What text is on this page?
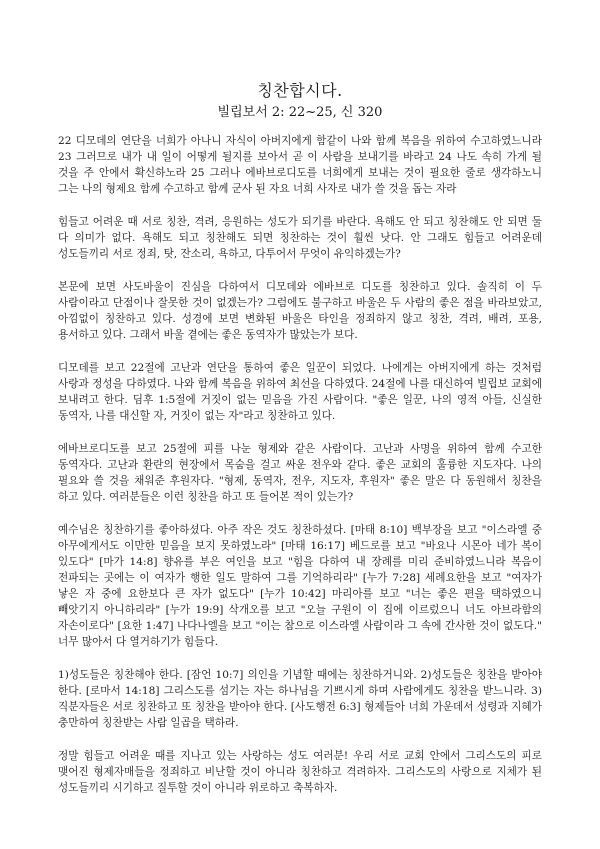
칭찬합시다.
빌립보서 2: 22~25, 신 320

22 디모데의 연단을 너희가 아나니 자식이 아버지에게 함같이 나와 함께 복음을 위하여 수고하였느니라 23 그러므로 내가 내 일이 어떻게 될지를 보아서 곧 이 사람을 보내기를 바라고 24 나도 속히 가게 될 것을 주 안에서 확신하노라 25 그러나 에바브로디도를 너희에게 보내는 것이 필요한 줄로 생각하노니 그는 나의 형제요 함께 수고하고 함께 군사 된 자요 너희 사자로 내가 쓸 것을 돕는 자라

힘들고 어려운 때 서로 칭찬, 격려, 응원하는 성도가 되기를 바란다. 욕해도 안 되고 칭찬해도 안 되면 둘 다 의미가 없다. 욕해도 되고 칭찬해도 되면 칭찬하는 것이 훨씬 낫다. 안 그래도 힘들고 어려운데 성도들끼리 서로 정죄, 탓, 잔소리, 욕하고, 다투어서 무엇이 유익하겠는가?

본문에 보면 사도바울이 진심을 다하여서 디모데와 에바브로 디도를 칭찬하고 있다. 솔직히 이 두 사람이라고 단점이나 잘못한 것이 없겠는가? 그럼에도 불구하고 바울은 두 사람의 좋은 점을 바라보았고, 아낌없이 칭찬하고 있다. 성경에 보면 변화된 바울은 타인을 정죄하지 않고 칭찬, 격려, 배려, 포용, 용서하고 있다. 그래서 바울 곁에는 좋은 동역자가 많았는가 보다.

디모데를 보고 22절에 고난과 연단을 통하여 좋은 일꾼이 되었다. 나에게는 아버지에게 하는 것처럼 사랑과 정성을 다하였다. 나와 함께 복음을 위하여 최선을 다하였다. 24절에 나를 대신하여 빌립보 교회에 보내려고 한다. 딤후 1:5절에 거짓이 없는 믿음을 가진 사람이다. "좋은 일꾼, 나의 영적 아들, 신실한 동역자, 나를 대신할 자, 거짓이 없는 자"라고 칭찬하고 있다.

에바브로디도를 보고 25절에 피를 나눈 형제와 같은 사람이다. 고난과 사명을 위하여 함께 수고한 동역자다. 고난과 환란의 현장에서 목숨을 걸고 싸운 전우와 같다. 좋은 교회의 훌륭한 지도자다. 나의 필요와 쓸 것을 채워준 후원자다. "형제, 동역자, 전우, 지도자, 후원자" 좋은 말은 다 동원해서 칭찬을 하고 있다. 여러분들은 이런 칭찬을 하고 또 들어본 적이 있는가?

예수님은 칭찬하기를 좋아하셨다. 아주 작은 것도 칭찬하셨다. [마태 8:10] 백부장을 보고 "이스라엘 중 아무에게서도 이만한 믿음을 보지 못하였노라" [마태 16:17] 베드로를 보고 "바요나 시몬아 네가 복이 있도다" [마가 14:8] 향유를 부은 여인을 보고 "힘을 다하여 내 장례를 미리 준비하였느니라 복음이 전파되는 곳에는 이 여자가 행한 일도 말하여 그를 기억하리라" [누가 7:28] 세례요한을 보고 "여자가 낳은 자 중에 요한보다 큰 자가 없도다" [누가 10:42] 마리아를 보고 "너는 좋은 편을 택하였으니 빼앗기지 아니하리라" [누가 19:9] 삭개오를 보고 "오늘 구원이 이 집에 이르렀으니 너도 아브라함의 자손이로다" [요한 1:47] 나다나엘을 보고 "이는 참으로 이스라엘 사람이라 그 속에 간사한 것이 없도다." 너무 많아서 다 열거하기가 힘들다.

1)성도들은 칭찬해야 한다. [잠언 10:7] 의인을 기념할 때에는 칭찬하거니와. 2)성도들은 칭찬을 받아야 한다. [로마서 14:18] 그리스도를 섬기는 자는 하나님을 기쁘시게 하며 사람에게도 칭찬을 받느니라. 3)직분자들은 서로 칭찬하고 또 칭찬을 받아야 한다. [사도행전 6:3] 형제들아 너희 가운데서 성령과 지혜가 충만하여 칭찬받는 사람 일곱을 택하라.

정말 힘들고 어려운 때를 지나고 있는 사랑하는 성도 여러분! 우리 서로 교회 안에서 그리스도의 피로 맺어진 형제자매들을 정죄하고 비난할 것이 아니라 칭찬하고 격려하자. 그리스도의 사랑으로 지체가 된 성도들끼리 시기하고 질투할 것이 아니라 위로하고 축복하자.
